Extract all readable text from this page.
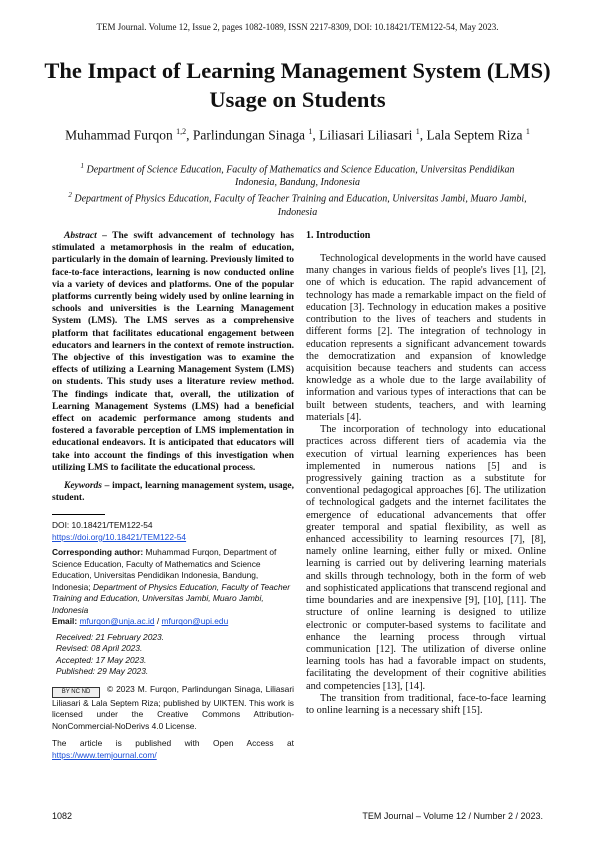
TEM Journal. Volume 12, Issue 2, pages 1082-1089, ISSN 2217-8309, DOI: 10.18421/TEM122-54, May 2023.
The Impact of Learning Management System (LMS) Usage on Students
Muhammad Furqon $^{1,2}$, Parlindungan Sinaga $^1$, Liliasari Liliasari $^1$, Lala Septem Riza $^1$
$^1$ Department of Science Education, Faculty of Mathematics and Science Education, Universitas Pendidikan Indonesia, Bandung, Indonesia
$^2$ Department of Physics Education, Faculty of Teacher Training and Education, Universitas Jambi, Muaro Jambi, Indonesia

Abstract – The swift advancement of technology has stimulated a metamorphosis in the realm of education, particularly in the domain of learning. Previously limited to face-to-face interactions, learning is now conducted online via a variety of devices and platforms. One of the popular platforms currently being widely used by online learning in schools and universities is the Learning Management System (LMS). The LMS serves as a comprehensive platform that facilitates educational engagement between educators and learners in the context of remote instruction. The objective of this investigation was to examine the effects of utilizing a Learning Management System (LMS) on students. This study uses a literature review method. The findings indicate that, overall, the utilization of Learning Management Systems (LMS) had a beneficial effect on academic performance among students and fostered a favorable perception of LMS implementation in educational endeavors. It is anticipated that educators will take into account the findings of this investigation when utilizing LMS to facilitate the educational process.

Keywords – impact, learning management system, usage, student.

DOI: 10.18421/TEM122-54

https://doi.org/10.18421/TEM122-54

Corresponding author: Muhammad Furqon, Department of Science Education, Faculty of Mathematics and Science Education, Universitas Pendidikan Indonesia, Bandung, Indonesia; Department of Physics Education, Faculty of Teacher Training and Education, Universitas Jambi, Muaro Jambi, Indonesia

Email: mfurqon@unja.ac.id / mfurqon@upi.edu

Received: 21 February 2023.

Revised: 08 April 2023.

Accepted: 17 May 2023.

Published: 29 May 2023.

BY NC ND © 2023 M. Furqon, Parlindungan Sinaga, Liliasari Liliasari & Lala Septem Riza; published by UIKTEN. This work is licensed under the Creative Commons Attribution-NonCommercial-NoDerivs 4.0 License.

The article is published with Open Access at https://www.temjournal.com/

1. Introduction

Technological developments in the world have caused many changes in various fields of people's lives [1], [2], one of which is education. The rapid advancement of technology has made a remarkable impact on the field of education [3]. Technology in education makes a positive contribution to the lives of teachers and students in different forms [2]. The integration of technology in education represents a significant advancement towards the democratization and expansion of knowledge acquisition because teachers and students can access knowledge as a whole due to the large availability of information and various types of interactions that can be built between students, teachers, and with learning materials [4].

The incorporation of technology into educational practices across different tiers of academia via the execution of virtual learning experiences has been implemented in numerous nations [5] and is progressively gaining traction as a substitute for conventional pedagogical approaches [6]. The utilization of technological gadgets and the internet facilitates the emergence of educational advancements that offer greater temporal and spatial flexibility, as well as enhanced accessibility to learning resources [7], [8], namely online learning, either fully or mixed. Online learning is carried out by delivering learning materials and skills through technology, both in the form of web and sophisticated applications that transcend regional and time boundaries and are inexpensive [9], [10], [11]. The structure of online learning is designed to utilize electronic or computer-based systems to facilitate and enhance the learning process through virtual communication [12]. The utilization of diverse online learning tools has had a favorable impact on students, facilitating the development of their cognitive abilities and competencies [13], [14].

The transition from traditional, face-to-face learning to online learning is a necessary shift [15].

1082	TEM Journal – Volume 12 / Number 2 / 2023.
